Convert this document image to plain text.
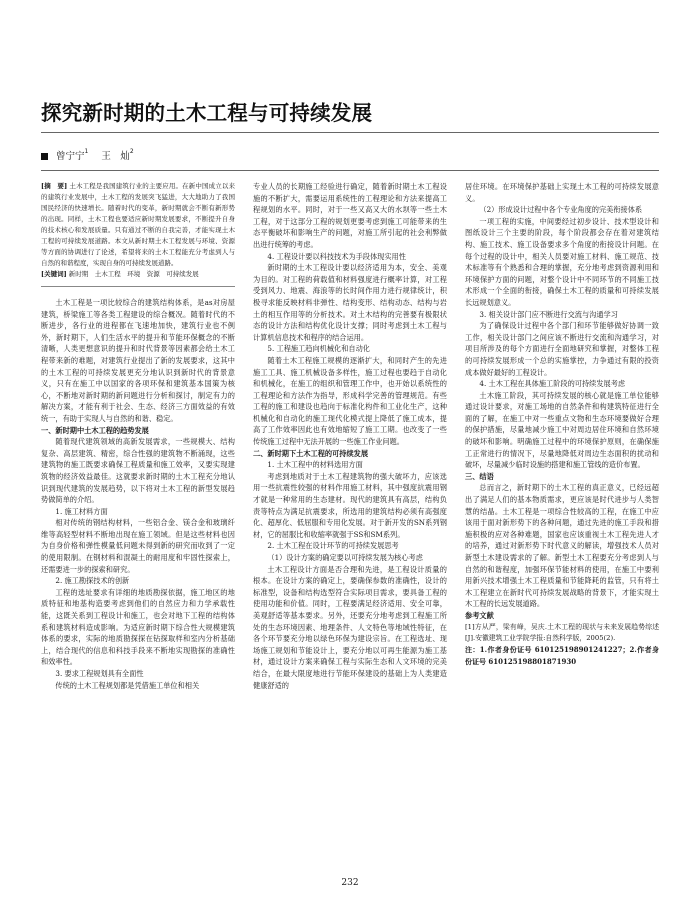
探究新时期的土木工程与可持续发展
曾宁宁$^1$ 王　灿$^2$

[摘　要] 土木工程是我国建筑行业的主要应用。在新中国成立以来的建筑行业发展中，土木工程的发展突飞猛进，大大地助力了我国国民经济的快速增长。随着时代的变革，新时期就会不断有新形势的出现。同样，土木工程也要适应新时期发展要求，不断提升自身的技术核心和发展质量。只有通过不断的自我完善，才能实现土木工程的可持续发展道路。本文从新时期土木工程发展与环境、资源等方面的协调进行了论述，希望将来的土木工程能充分考虑到人与自然的和谐程度，实现自身的可持续发展道路。

[关键词] 新时期　土木工程　环境　资源　可持续发展

土木工程是一项比较综合的建筑结构体系，是as对房屋建筑，桥梁施工等各类工程建设的综合概况。随着时代的不断进步，各行业的进程都在飞速地加快，建筑行业也不例外，新时期下，人们生活水平的提升和节能环保概念的不断清晰，人类更想意识的提升和时代背景等因素都会给土木工程带来新的难题，对建筑行业提出了新的发展要求，这其中的土木工程的可持续发展更充分地认识到新时代的背景意义，只有在施工中以国家的各项环保和建筑基本国策为核心，不断地对新时期的新问题进行分析和探讨，制定有力的解决方案，才能有利于社会、生态、经济三方面效益的有效统一，有助于实现人与自然的和谐、稳定。

一、新时期中土木工程的趋势发展

随着现代建筑领域的高新发展需求，一些规模大、结构复杂、高层建筑、精密，综合性强的建筑物不断涌现，这些建筑物的施工既要求确保工程质量和施工效率，又要实现建筑物的经济效益最佳。这就要求新时期的土木工程充分地认识到现代建筑的发展趋势，以下将对土木工程的新型发展趋势做简单的介绍。

1. 施工材料方面

相对传统的钢结构材料，一些铝合金、镁合金和玻璃纤维等高轻型材料不断地出现在施工领域。但是这些材料也因为自身价格和弹性模量低问题未得到新的研究而收到了一定的使用限制。在钢材料和混凝土的耐用度和牢固性探索上，还需要进一步的探索和研究。

2. 施工勘探技术的创新

工程的选址要求有详细的地质勘探依据，施工地区的地质特征和地基构造要考虑到他们的自然应力和力学承载性能，这既关系到工程设计和施工，也会对地下工程的结构体系和建筑材料造成影响。为适应新时期下综合性大规模建筑体系的要求，实际的地质勘探探在钻探取样和室内分析基础上，结合现代的信息和科技手段来不断地实现勘探的准确性和效率性。

3. 要求工程规划具有全面性

传统的土木工程规划都是凭借施工单位和相关

专业人员的长期施工经验进行确定，随着新时期土木工程设施的不断扩大，需要运用系统性的工程理论和方法来提高工程规划的水平。同时，对于一些又高又大的水坝等一些土木工程，对于这部分工程的规划更要考虑到施工可能带来的生态平衡破坏和影响生产的问题，对施工所引起的社会利弊做出进行统筹的考虑。

4. 工程设计要以科技技术为手段体现实用性

新时期的土木工程设计要以经济适用为本，安全、美观为目的。对工程的荷载值和材料强度进行概率计算，对工程受到风力、地震、海浪等的长时间作用力进行规律统计，积极寻求能反映材料非弹性、结构变形、结构动态、结构与岩土的相互作用等的分析技术。对土木结构的完善要有极限状态的设计方法和结构优化设计支撑；同时考虑到土木工程与计算机信息技术和程序的结合运用。

5. 工程施工趋向机械化和自动化

随着土木工程施工规模的逐渐扩大，和同时产生的先进施工工具、施工机械设备多样性，施工过程也要趋于自动化和机械化，在施工的组织和管理工作中，也开始以系统性的工程理论和方法作为指导，形成科学完善的管理规范。有些工程的施工和建设也趋向于标准化构件和工业化生产，这种机械化和自动化的施工现代化模式提上降低了施工成本，提高了工作效率因此也有效地缩短了施工工期。也改变了一些传统施工过程中无法开展的一些施工作业问题。

二、新时期下土木工程的可持续发展

1. 土木工程中的材料选用方面

考虑到地质对于土木工程建筑物的强大破坏力，应该选用一些抗震性较强的材料作用施工材料，其中强度抗震用钢才就是一种常用的生态建材。现代的建筑具有高层，结构负责等特点为满足抗震要求，所选用的建筑结构必须有高强度化、超厚化、低屈服和专用化发展。对于新开发的SN系列钢材，它的屈服比和收缩率就强于SS和SM系列。

2. 土木工程在设计环节的可持续发展思考

（1）设计方案的确定要以可持续发展为核心考虑

土木工程设计方面是否合理和先进，是工程设计质量的根本。在设计方案的确定上，要确保参数的准确性，设计的标准型，设备和结构选型符合实际项目需求，要具备工程的使用功能和价值。同时，工程要满足经济适用、安全可靠，美观舒适等基本要求。另外，还要充分地考虑到工程施工所处的生态环境因素、地理条件、人文特色等地域性特征，在各个环节要充分地以绿色环保为建设宗旨。在工程选址、现场施工规划和节能设计上，要充分地以可再生能源为施工基材，通过设计方案来确保工程与实际生态和人文环境的完美结合，在最大限度地进行节能环保建设的基础上为人类建造健康舒适的

居住环境。在环境保护基础上实现土木工程的可持续发展意义。

（2）形成设计过程中各个专业角度的完美衔接体系

一项工程的实施，中间要经过初步设计、技术型设计和图纸设计三个主要的阶段，每个阶段都会存在着对建筑结构、施工技术、施工设备要求多个角度的衔接设计问题。在每个过程的设计中，相关人员要对施工材料、施工规范、技术标准等有个熟悉和合理的掌握，充分地考虑到资源利用和环境保护方面的问题，对整个设计中不同环节的不同施工技术形成一个全面的衔接，确保土木工程的质量和可持续发展长远规划意义。

3. 相关设计部门应不断进行交流与沟通学习

为了确保设计过程中各个部门和环节能够做好协调一致工作，相关设计部门之间应该不断进行交流和沟通学习，对项目所涉及的每个方面进行全面地研究和掌握，对整体工程的可持续发展形成一个总的实施掌控，力争通过有限的投资成本做好最好的工程设计。

4. 土木工程在具体施工阶段的可持续发展考虑

土木施工阶段，其可持续发展的核心就是施工单位能够通过设计要求，对施工场地的自然条件和构建筑特征进行全面的了解，在施工中对一些重点文物和生态环境要做好合理的保护措施，尽量地减少施工中对周边居住环境和自然环境的破坏和影响。明确施工过程中的环境保护原则，在确保施工正常进行的情况下，尽量地降低对周边生态面积的扰动和破坏，尽量减少临时设施的搭建和施工管线的造价布置。

三、结语

总而言之，新时期下的土木工程的真正意义，已经远超出了满足人们的基本物质需求，更应该是时代进步与人类智慧的结晶。土木工程是一项综合性较高的工程，在施工中应该用于面对新形势下的各种问题，通过先进的施工手段和措施积极的应对各种难题，国家也应该重视土木工程先进人才的培养，通过对新形势下时代意义的解读，增强技术人员对新型土木建设需求的了解。新型土木工程要充分考虑到人与自然的和谐程度，加强环保节能材料的使用，在施工中要利用新兴技术增强土木工程质量和节能降耗的监管，只有将土木工程建立在新时代可持续发展战略的背景下，才能实现土木工程的长远发展道路。

参考文献

[1]方从严，梁有峰，吴庆.土木工程的现状与未来发展趋势综述[J].安徽建筑工业学院学报:自然科学版，2005(2).

注：1.作者身份证号 610125198901241227；2.作者身份证号 610125198801871930

232
